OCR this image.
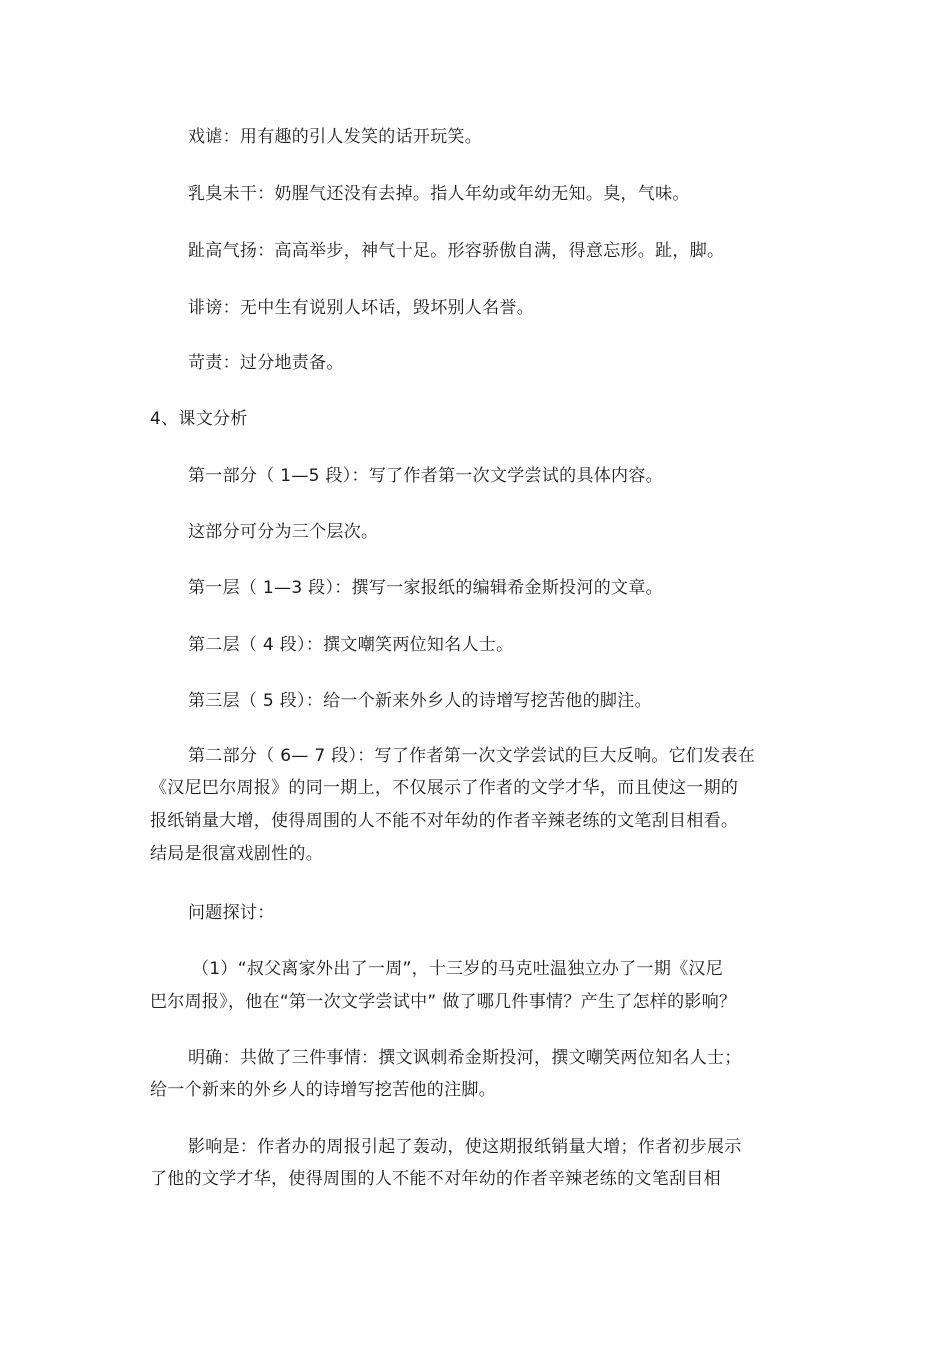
戏谑：用有趣的引人发笑的话开玩笑。
乳臭未干：奶腥气还没有去掉。指人年幼或年幼无知。臭，气味。
趾高气扬：高高举步，神气十足。形容骄傲自满，得意忘形。趾，脚。
诽谤：无中生有说别人坏话，毁坏别人名誉。
苛责：过分地责备。
4、课文分析
第一部分（ 1—5 段）：写了作者第一次文学尝试的具体内容。
这部分可分为三个层次。
第一层（ 1—3 段）：撰写一家报纸的编辑希金斯投河的文章。
第二层（ 4 段）：撰文嘲笑两位知名人士。
第三层（ 5 段）：给一个新来外乡人的诗增写挖苦他的脚注。
第二部分（ 6— 7 段）：写了作者第一次文学尝试的巨大反响。它们发表在
《汉尼巴尔周报》的同一期上，不仅展示了作者的文学才华，而且使这一期的
报纸销量大增，使得周围的人不能不对年幼的作者辛辣老练的文笔刮目相看。
结局是很富戏剧性的。
问题探讨：
（1）“叔父离家外出了一周”，十三岁的马克吐温独立办了一期《汉尼
巴尔周报》，他在“第一次文学尝试中” 做了哪几件事情？产生了怎样的影响？
明确：共做了三件事情：撰文讽刺希金斯投河，撰文嘲笑两位知名人士；
给一个新来的外乡人的诗增写挖苦他的注脚。
影响是：作者办的周报引起了轰动，使这期报纸销量大增；作者初步展示
了他的文学才华，使得周围的人不能不对年幼的作者辛辣老练的文笔刮目相
